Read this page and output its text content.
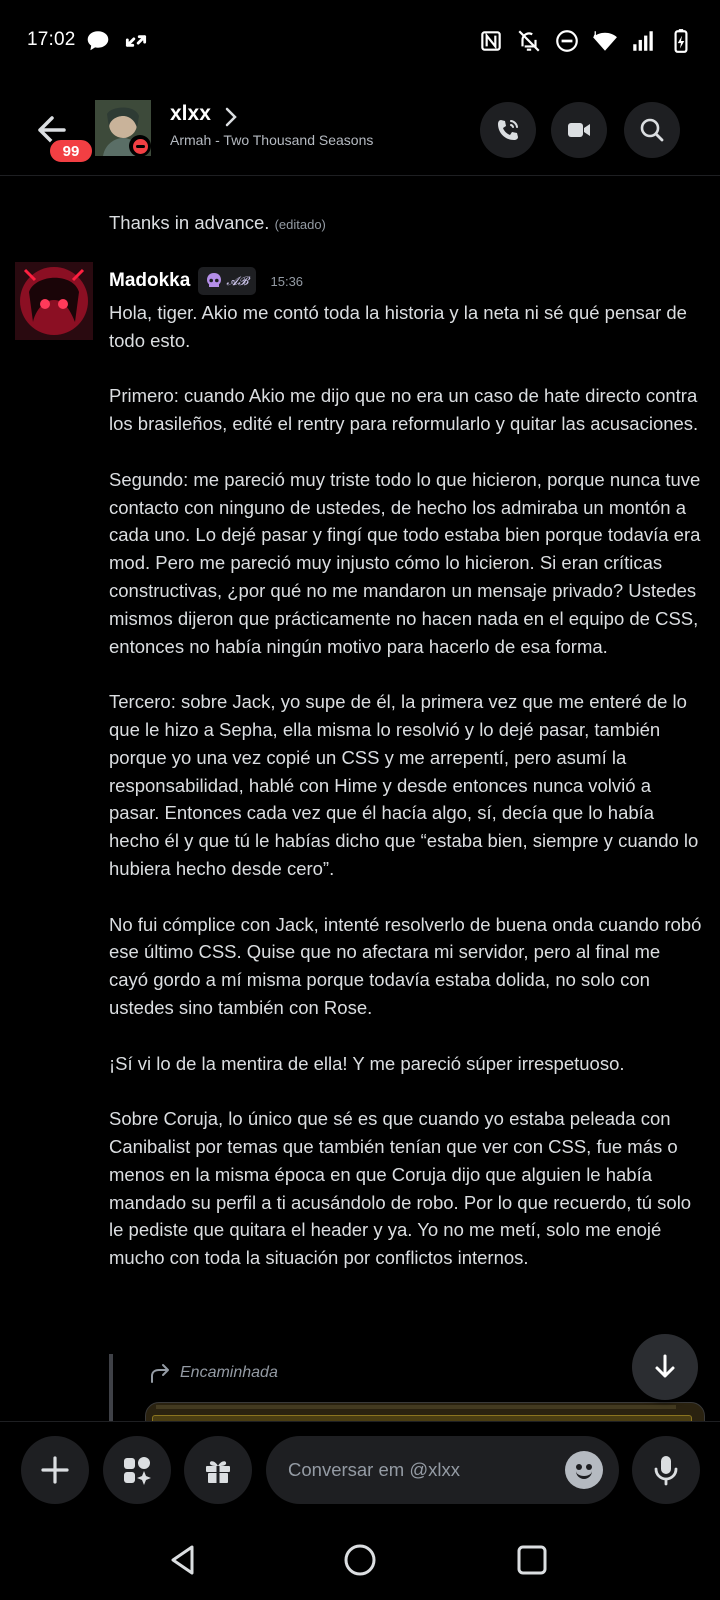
17:02
99
xlxx
Armah - Two Thousand Seasons
Thanks in advance. (editado)
Madokka	𝓐𝓑 15:36

Hola, tiger. Akio me contó toda la historia y la neta ni sé qué pensar de todo esto.

Primero: cuando Akio me dijo que no era un caso de hate directo contra los brasileños, edité el rentry para reformularlo y quitar las acusaciones.

Segundo: me pareció muy triste todo lo que hicieron, porque nunca tuve contacto con ninguno de ustedes, de hecho los admiraba un montón a cada uno. Lo dejé pasar y fingí que todo estaba bien porque todavía era mod. Pero me pareció muy injusto cómo lo hicieron. Si eran críticas constructivas, ¿por qué no me mandaron un mensaje privado? Ustedes mismos dijeron que prácticamente no hacen nada en el equipo de CSS, entonces no había ningún motivo para hacerlo de esa forma.

Tercero: sobre Jack, yo supe de él, la primera vez que me enteré de lo que le hizo a Sepha, ella misma lo resolvió y lo dejé pasar, también porque yo una vez copié un CSS y me arrepentí, pero asumí la responsabilidad, hablé con Hime y desde entonces nunca volvió a pasar. Entonces cada vez que él hacía algo, sí, decía que lo había hecho él y que tú le habías dicho que “estaba bien, siempre y cuando lo hubiera hecho desde cero”.

No fui cómplice con Jack, intenté resolverlo de buena onda cuando robó ese último CSS. Quise que no afectara mi servidor, pero al final me cayó gordo a mí misma porque todavía estaba dolida, no solo con ustedes sino también con Rose.

¡Sí vi lo de la mentira de ella! Y me pareció súper irrespetuoso.

Sobre Coruja, lo único que sé es que cuando yo estaba peleada con Canibalist por temas que también tenían que ver con CSS, fue más o menos en la misma época en que Coruja dijo que alguien le había mandado su perfil a ti acusándolo de robo. Por lo que recuerdo, tú solo le pediste que quitara el header y ya. Yo no me metí, solo me enojé mucho con toda la situación por conflictos internos.

Encaminhada
Conversar em @xlxx
